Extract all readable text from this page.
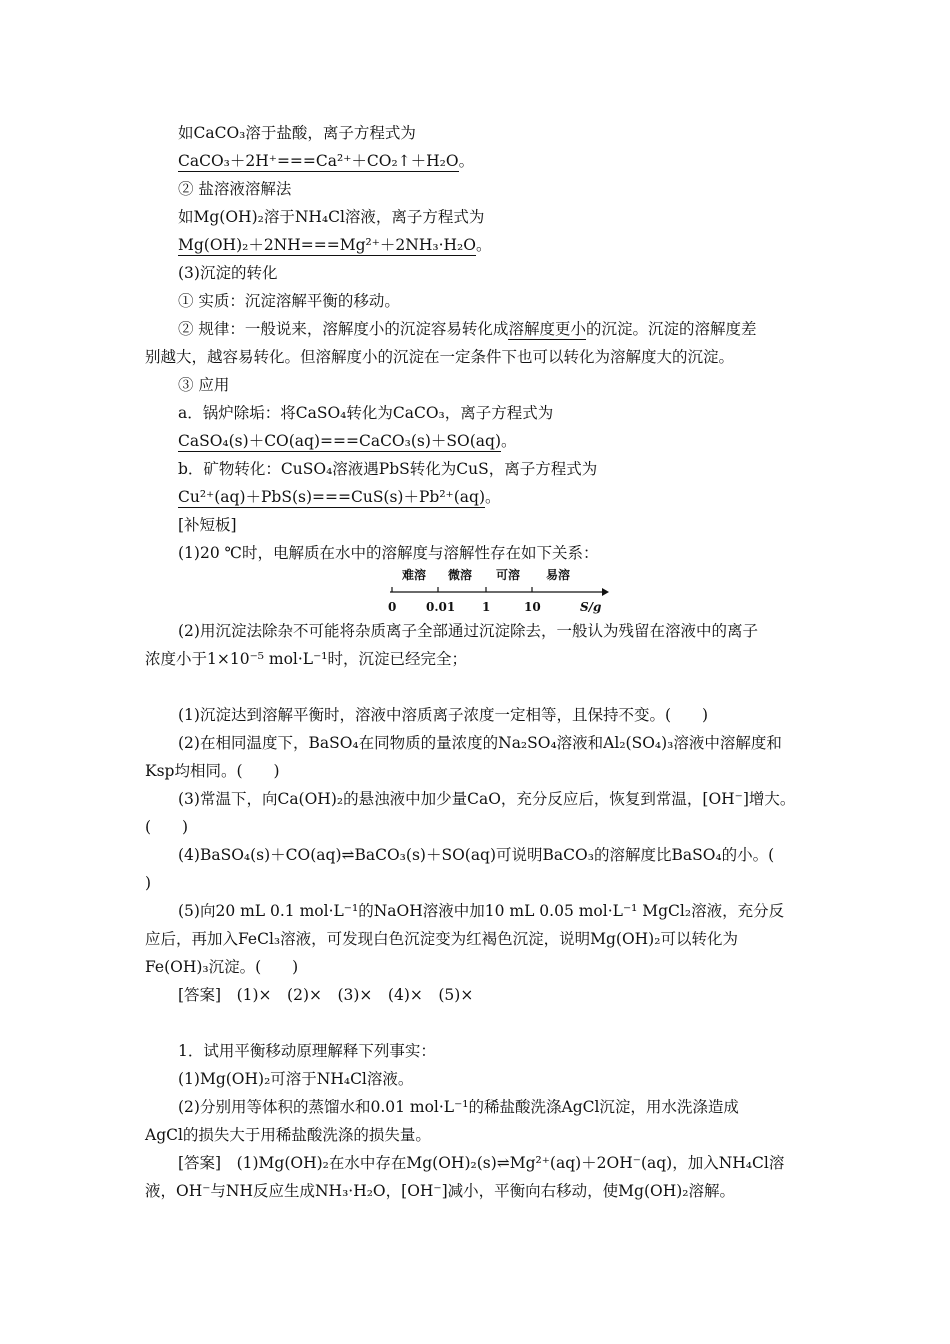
如CaCO₃溶于盐酸，离子方程式为
CaCO₃＋2H⁺===Ca²⁺＋CO₂↑＋H₂O。
② 盐溶液溶解法
如Mg(OH)₂溶于NH₄Cl溶液，离子方程式为
Mg(OH)₂＋2NH===Mg²⁺＋2NH₃·H₂O。
(3)沉淀的转化
① 实质：沉淀溶解平衡的移动。
② 规律：一般说来，溶解度小的沉淀容易转化成溶解度更小的沉淀。沉淀的溶解度差
别越大，越容易转化。但溶解度小的沉淀在一定条件下也可以转化为溶解度大的沉淀。
③ 应用
a．锅炉除垢：将CaSO₄转化为CaCO₃，离子方程式为
CaSO₄(s)＋CO(aq)===CaCO₃(s)＋SO(aq)。
b．矿物转化：CuSO₄溶液遇PbS转化为CuS，离子方程式为
Cu²⁺(aq)＋PbS(s)===CuS(s)＋Pb²⁺(aq)。
[补短板]
(1)20 ℃时，电解质在水中的溶解度与溶解性存在如下关系：
难溶 微溶 可溶 易溶
0 0.01 1	10	S/g
(2)用沉淀法除杂不可能将杂质离子全部通过沉淀除去，一般认为残留在溶液中的离子
浓度小于1×10⁻⁵ mol·L⁻¹时，沉淀已经完全；
(1)沉淀达到溶解平衡时，溶液中溶质离子浓度一定相等，且保持不变。(　　)
(2)在相同温度下，BaSO₄在同物质的量浓度的Na₂SO₄溶液和Al₂(SO₄)₃溶液中溶解度和
Ksp均相同。(　　)
(3)常温下，向Ca(OH)₂的悬浊液中加少量CaO，充分反应后，恢复到常温，[OH⁻]增大。
(　　)
(4)BaSO₄(s)＋CO(aq)⇌BaCO₃(s)＋SO(aq)可说明BaCO₃的溶解度比BaSO₄的小。(
)
(5)向20 mL 0.1 mol·L⁻¹的NaOH溶液中加10 mL 0.05 mol·L⁻¹ MgCl₂溶液，充分反
应后，再加入FeCl₃溶液，可发现白色沉淀变为红褐色沉淀，说明Mg(OH)₂可以转化为
Fe(OH)₃沉淀。(　　)
[答案]　(1)×　(2)×　(3)×　(4)×　(5)×
1．试用平衡移动原理解释下列事实：
(1)Mg(OH)₂可溶于NH₄Cl溶液。
(2)分别用等体积的蒸馏水和0.01 mol·L⁻¹的稀盐酸洗涤AgCl沉淀，用水洗涤造成
AgCl的损失大于用稀盐酸洗涤的损失量。
[答案]　(1)Mg(OH)₂在水中存在Mg(OH)₂(s)⇌Mg²⁺(aq)＋2OH⁻(aq)，加入NH₄Cl溶
液，OH⁻与NH反应生成NH₃·H₂O，[OH⁻]减小，平衡向右移动，使Mg(OH)₂溶解。
